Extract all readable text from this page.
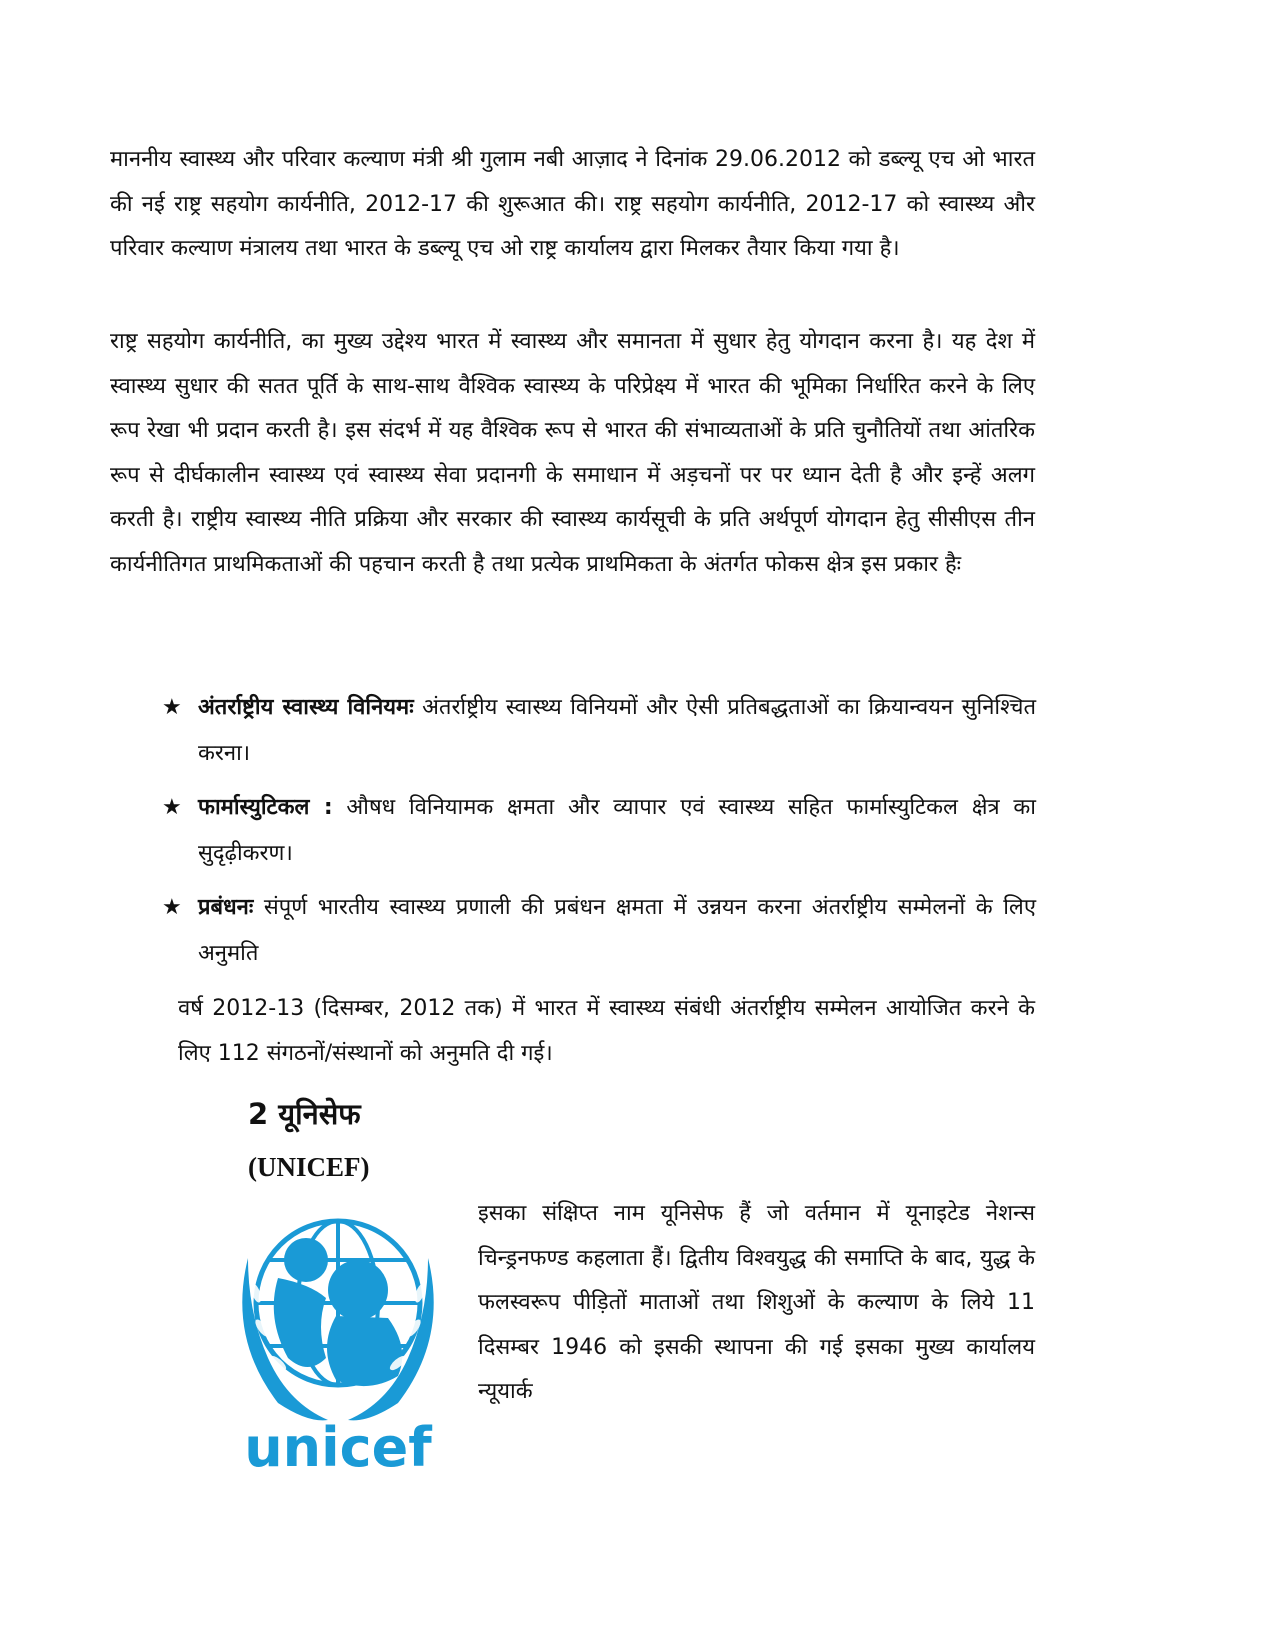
माननीय स्वास्थ्य और परिवार कल्याण मंत्री श्री गुलाम नबी आज़ाद ने दिनांक 29.06.2012 को डब्ल्यू एच ओ भारत की नई राष्ट्र सहयोग कार्यनीति, 2012-17 की शुरूआत की। राष्ट्र सहयोग कार्यनीति, 2012-17 को स्वास्थ्य और परिवार कल्याण मंत्रालय तथा भारत के डब्ल्यू एच ओ राष्ट्र कार्यालय द्वारा मिलकर तैयार किया गया है।

राष्ट्र सहयोग कार्यनीति, का मुख्य उद्देश्य भारत में स्वास्थ्य और समानता में सुधार हेतु योगदान करना है। यह देश में स्वास्थ्य सुधार की सतत पूर्ति के साथ-साथ वैश्विक स्वास्थ्य के परिप्रेक्ष्य में भारत की भूमिका निर्धारित करने के लिए रूप रेखा भी प्रदान करती है। इस संदर्भ में यह वैश्विक रूप से भारत की संभाव्यताओं के प्रति चुनौतियों तथा आंतरिक रूप से दीर्घकालीन स्वास्थ्य एवं स्वास्थ्य सेवा प्रदानगी के समाधान में अड़चनों पर पर ध्यान देती है और इन्हें अलग करती है। राष्ट्रीय स्वास्थ्य नीति प्रक्रिया और सरकार की स्वास्थ्य कार्यसूची के प्रति अर्थपूर्ण योगदान हेतु सीसीएस तीन कार्यनीतिगत प्राथमिकताओं की पहचान करती है तथा प्रत्येक प्राथमिकता के अंतर्गत फोकस क्षेत्र इस प्रकार हैः

★ अंतर्राष्ट्रीय स्वास्थ्य विनियमः अंतर्राष्ट्रीय स्वास्थ्य विनियमों और ऐसी प्रतिबद्धताओं का क्रियान्वयन सुनिश्चित करना।
★ फार्मास्युटिकल : औषध विनियामक क्षमता और व्यापार एवं स्वास्थ्य सहित फार्मास्युटिकल क्षेत्र का सुदृढ़ीकरण।
★ प्रबंधनः संपूर्ण भारतीय स्वास्थ्य प्रणाली की प्रबंधन क्षमता में उन्नयन करना अंतर्राष्ट्रीय सम्मेलनों के लिए अनुमति

वर्ष 2012-13 (दिसम्बर, 2012 तक) में भारत में स्वास्थ्य संबंधी अंतर्राष्ट्रीय सम्मेलन आयोजित करने के लिए 112 संगठनों/संस्थानों को अनुमति दी गई।

2 यूनिसेफ
(UNICEF)
unicef

इसका संक्षिप्त नाम यूनिसेफ हैं जो वर्तमान में यूनाइटेड नेशन्स चिन्ड्रनफण्ड कहलाता हैं। द्वितीय विश्वयुद्ध की समाप्ति के बाद, युद्ध के फलस्वरूप पीड़ितों माताओं तथा शिशुओं के कल्याण के लिये 11 दिसम्बर 1946 को इसकी स्थापना की गई इसका मुख्य कार्यालय न्यूयार्क
